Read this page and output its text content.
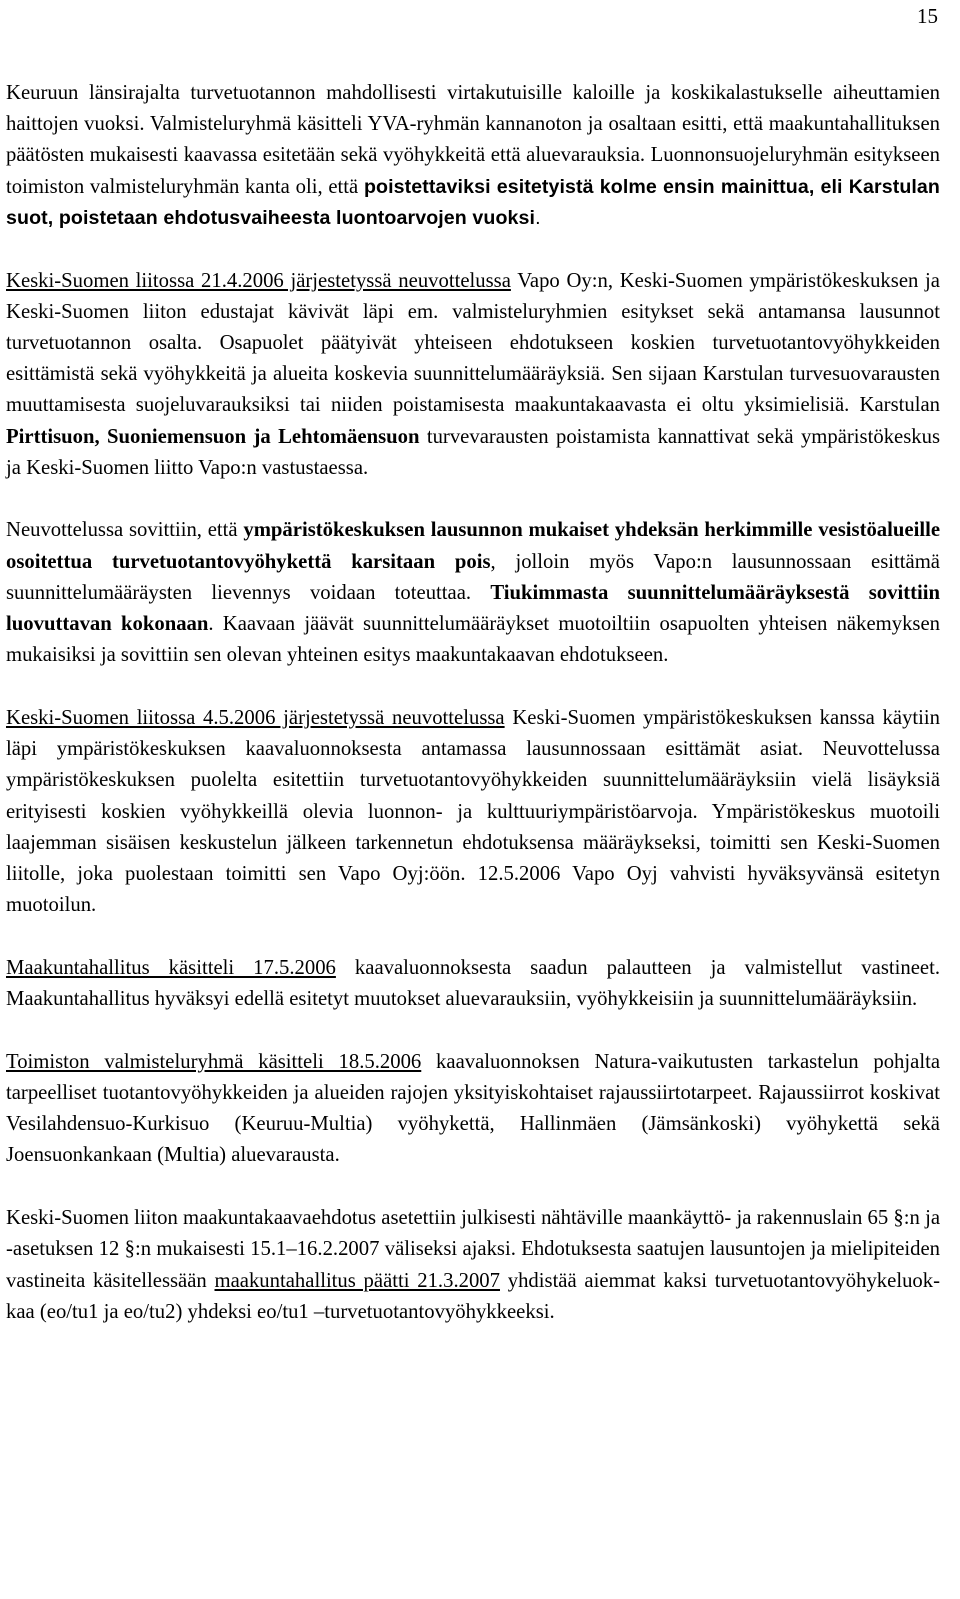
15

Keuruun länsirajalta turvetuotannon mahdollisesti virtakutuisille kaloille ja koskikalastukselle aiheuttamien haittojen vuoksi. Valmisteluryhmä käsitteli YVA-ryhmän kannanoton ja osaltaan esitti, että maakuntahallituksen päätösten mukaisesti kaavassa esitetään sekä vyöhykkeitä että aluevarauksia. Luonnonsuojeluryhmän esitykseen toimiston valmisteluryhmän kanta oli, että poistettaviksi esitetyistä kolme ensin mainittua, eli Karstulan suot, poistetaan ehdotusvaiheesta luontoarvojen vuoksi.

Keski-Suomen liitossa 21.4.2006 järjestetyssä neuvottelussa Vapo Oy:n, Keski-Suomen ympäristökeskuksen ja Keski-Suomen liiton edustajat kävivät läpi em. valmisteluryhmien esitykset sekä antamansa lausunnot turvetuotannon osalta. Osapuolet päätyivät yhteiseen ehdotukseen koskien turvetuotantovyöhykkeiden esittämistä sekä vyöhykkeitä ja alueita koskevia suunnittelumääräyksiä. Sen sijaan Karstulan turvesuovarausten muuttamisesta suojeluvarauksiksi tai niiden poistamisesta maakuntakaavasta ei oltu yksimielisiä. Karstulan Pirttisuon, Suoniemensuon ja Lehtomäensuon turvevarausten poistamista kannattivat sekä ympäristökeskus ja Keski-Suomen liitto Vapo:n vastustaessa.

Neuvottelussa sovittiin, että ympäristökeskuksen lausunnon mukaiset yhdeksän herkimmille vesistöalueille osoitettua turvetuotantovyöhykettä karsitaan pois, jolloin myös Vapo:n lausunnossaan esittämä suunnittelumääräysten lievennys voidaan toteuttaa. Tiukimmasta suunnittelumääräyksestä sovittiin luovuttavan kokonaan. Kaavaan jäävät suunnittelumääräykset muotoiltiin osapuolten yhteisen näkemyksen mukaisiksi ja sovittiin sen olevan yhteinen esitys maakuntakaavan ehdotukseen.

Keski-Suomen liitossa 4.5.2006 järjestetyssä neuvottelussa Keski-Suomen ympäristökeskuksen kanssa käytiin läpi ympäristökeskuksen kaavaluonnoksesta antamassa lausunnossaan esittämät asiat. Neuvottelussa ympäristökeskuksen puolelta esitettiin turvetuotantovyöhykkeiden suunnittelumääräyksiin vielä lisäyksiä erityisesti koskien vyöhykkeillä olevia luonnon- ja kulttuuriympäristöarvoja. Ympäristökeskus muotoili laajemman sisäisen keskustelun jälkeen tarkennetun ehdotuksensa määräykseksi, toimitti sen Keski-Suomen liitolle, joka puolestaan toimitti sen Vapo Oyj:öön. 12.5.2006 Vapo Oyj vahvisti hyväksyvänsä esitetyn muotoilun.

Maakuntahallitus käsitteli 17.5.2006 kaavaluonnoksesta saadun palautteen ja valmistellut vastineet. Maakuntahallitus hyväksyi edellä esitetyt muutokset aluevarauksiin, vyöhykkeisiin ja suunnittelumääräyksiin.

Toimiston valmisteluryhmä käsitteli 18.5.2006 kaavaluonnoksen Natura-vaikutusten tarkastelun pohjalta tarpeelliset tuotantovyöhykkeiden ja alueiden rajojen yksityiskohtaiset rajaussiirtotarpeet. Rajaussiirrot koskivat Vesilahdensuo-Kurkisuo (Keuruu-Multia) vyöhykettä, Hallinmäen (Jämsänkoski) vyöhykettä sekä Joensuonkankaan (Multia) aluevarausta.

Keski-Suomen liiton maakuntakaavaehdotus asetettiin julkisesti nähtäville maankäyttö- ja rakennuslain 65 §:n ja -asetuksen 12 §:n mukaisesti 15.1–16.2.2007 väliseksi ajaksi. Ehdotuksesta saatujen lausuntojen ja mielipiteiden vastineita käsitellessään maakuntahallitus päätti 21.3.2007 yhdistää aiemmat kaksi turvetuotantovyöhykeluokkaa (eo/tu1 ja eo/tu2) yhdeksi eo/tu1 –turvetuotantovyöhykkeeksi.
